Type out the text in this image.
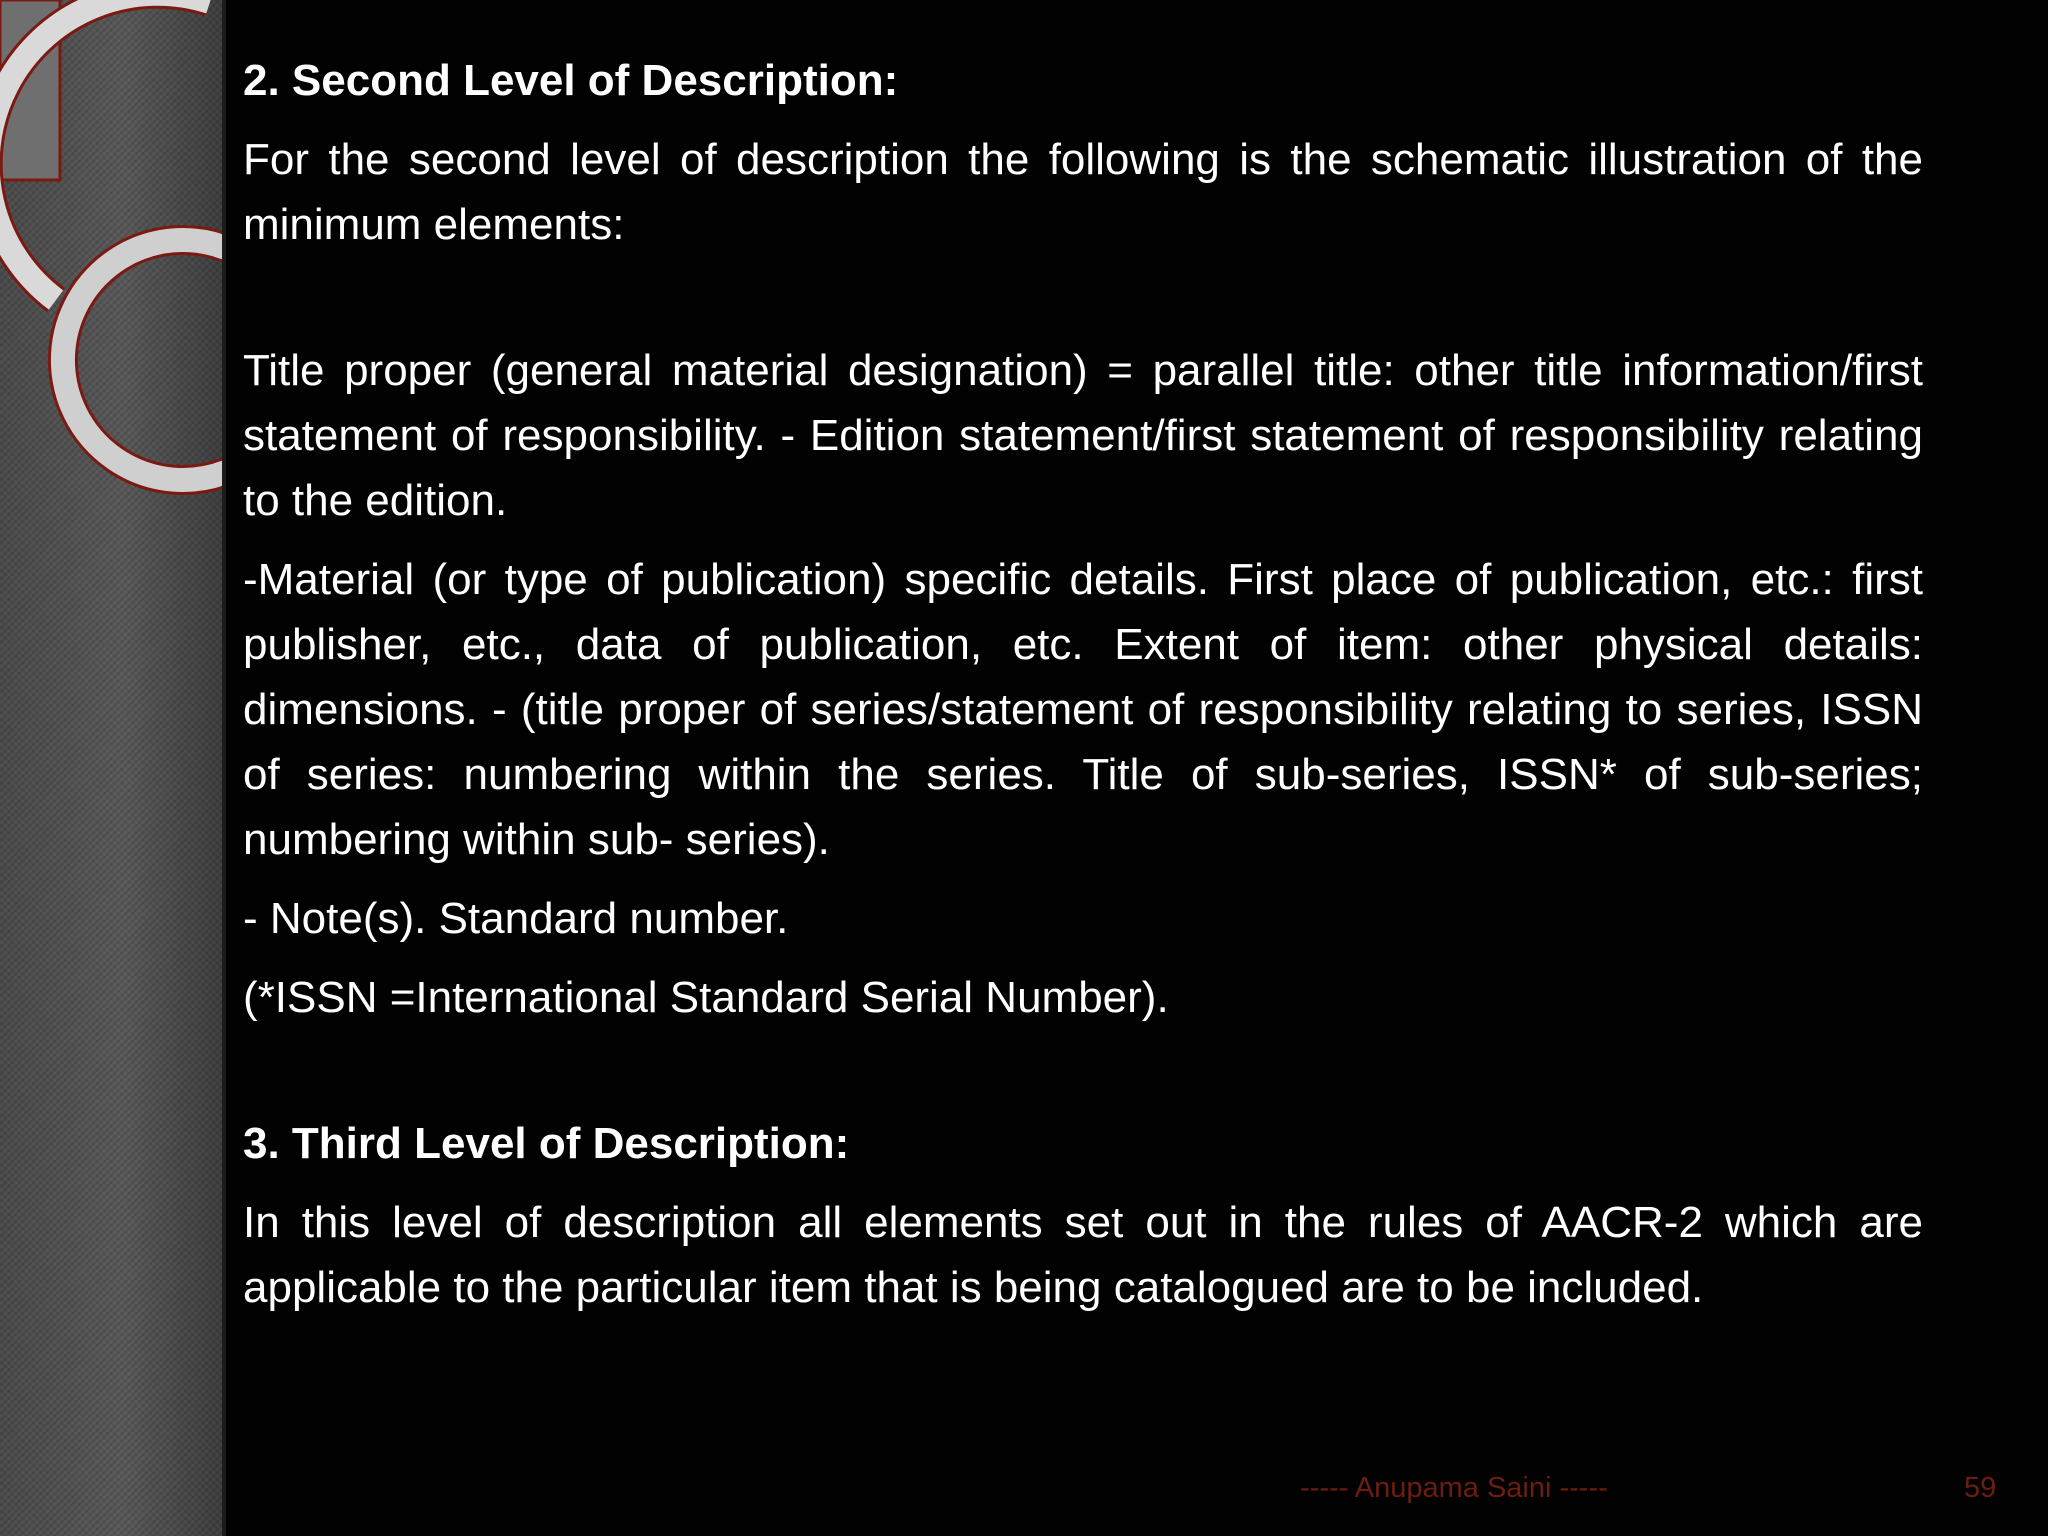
2. Second Level of Description:

For the second level of description the following is the schematic illustration of the minimum elements:

Title proper (general material designation) = parallel title: other title information/first statement of responsibility. - Edition statement/first statement of responsibility relating to the edition.

-Material (or type of publication) specific details. First place of publication, etc.: first publisher, etc., data of publication, etc. Extent of item: other physical details: dimensions. - (title proper of series/statement of responsibility relating to series, ISSN of series: numbering within the series. Title of sub-series, ISSN* of sub-series; numbering within sub- series).

- Note(s). Standard number.

(*ISSN =International Standard Serial Number).

3. Third Level of Description:

In this level of description all elements set out in the rules of AACR-2 which are applicable to the particular item that is being catalogued are to be included.

----- Anupama Saini -----	59
